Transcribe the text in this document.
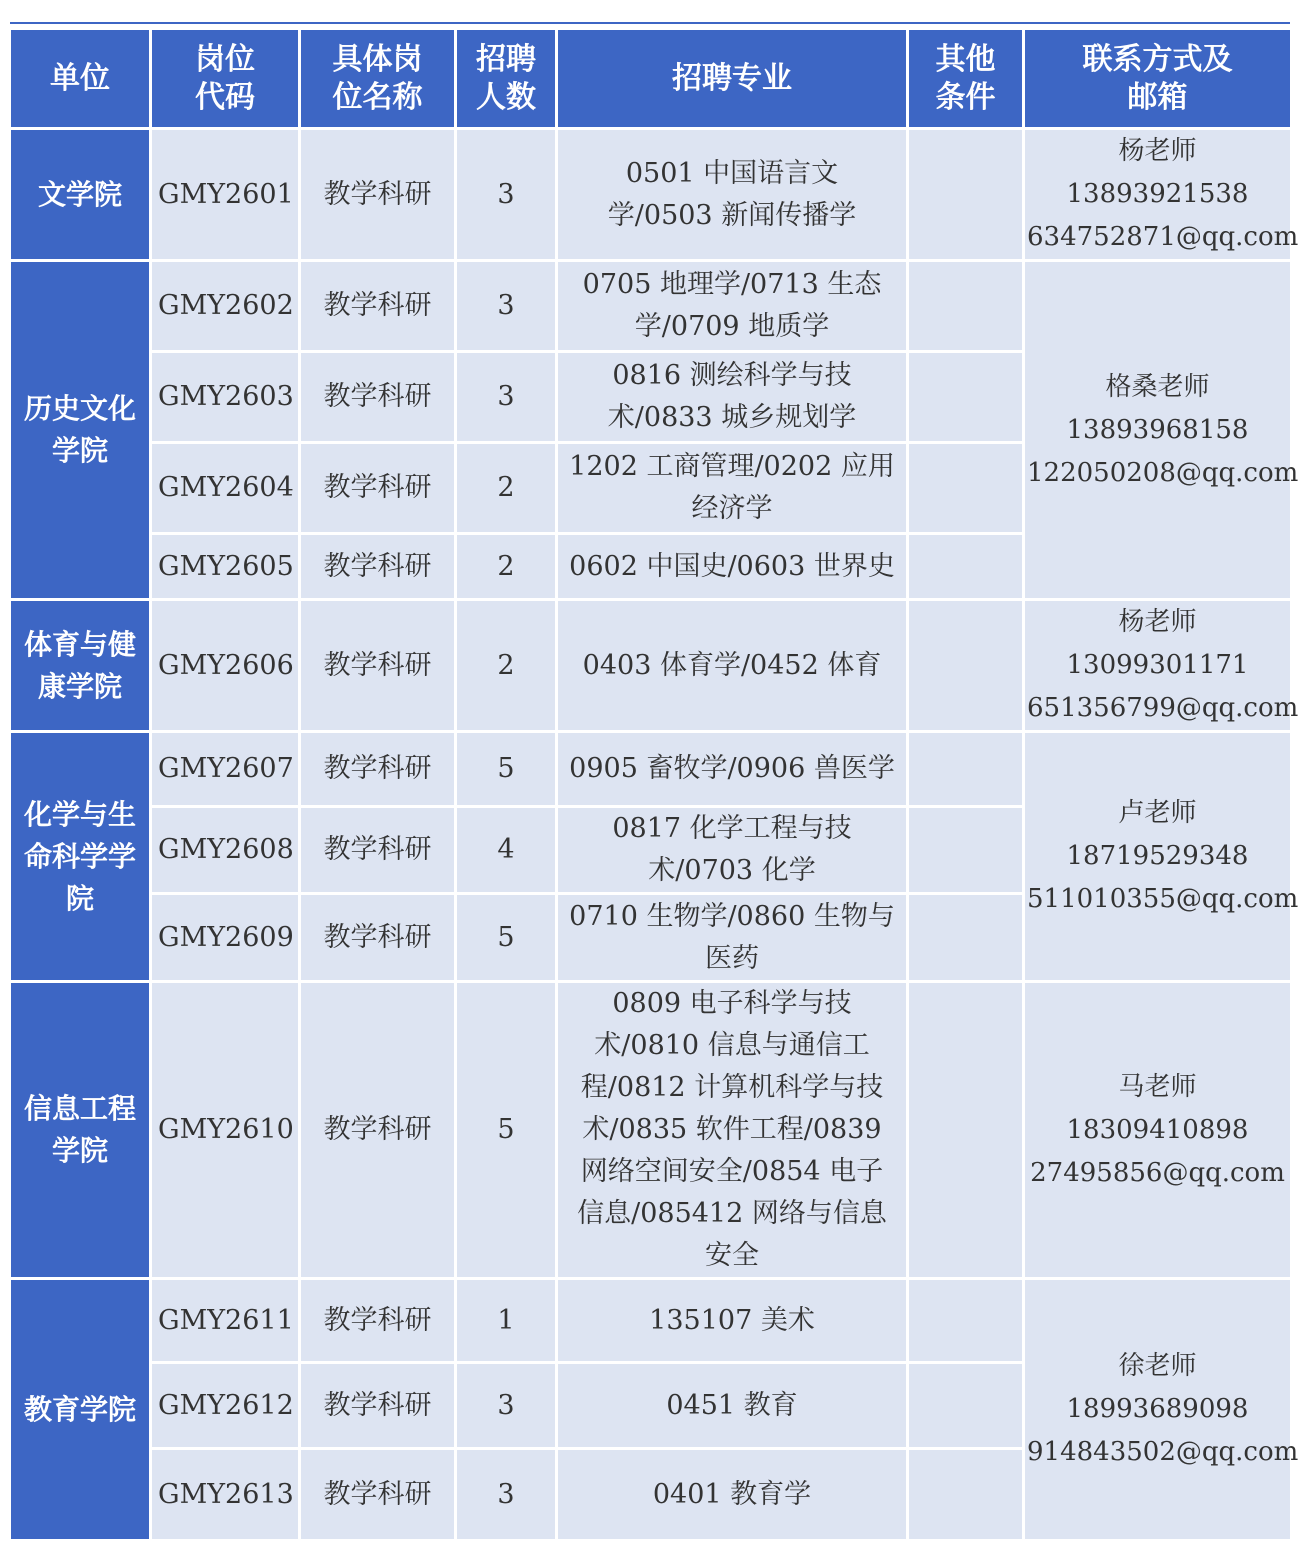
单位	岗位代码	具体岗位名称	招聘人数	招聘专业	其他条件	联系方式及邮箱
文学院	GMY2601	教学科研	3	0501 中国语言文学/0503 新闻传播学		杨老师
13893921538
634752871@qq.com

历史文化学院	GMY2602	教学科研	3	0705 地理学/0713 生态学/0709 地质学		格桑老师
13893968158
122050208@qq.com

	GMY2603	教学科研	3	0816 测绘科学与技术/0833 城乡规划学		
	GMY2604	教学科研	2	1202 工商管理/0202 应用经济学		
	GMY2605	教学科研	2	0602 中国史/0603 世界史		
体育与健康学院	GMY2606	教学科研	2	0403 体育学/0452 体育		杨老师
13099301171
651356799@qq.com

化学与生命科学学院	GMY2607	教学科研	5	0905 畜牧学/0906 兽医学		卢老师
18719529348
511010355@qq.com

	GMY2608	教学科研	4	0817 化学工程与技术/0703 化学		
	GMY2609	教学科研	5	0710 生物学/0860 生物与医药		
信息工程学院	GMY2610	教学科研	5	0809 电子科学与技术/0810 信息与通信工程/0812 计算机科学与技术/0835 软件工程/0839 网络空间安全/0854 电子信息/085412 网络与信息安全		马老师
18309410898
27495856@qq.com

教育学院	GMY2611	教学科研	1	135107 美术		徐老师
18993689098
914843502@qq.com

	GMY2612	教学科研	3	0451 教育		
	GMY2613	教学科研	3	0401 教育学		
